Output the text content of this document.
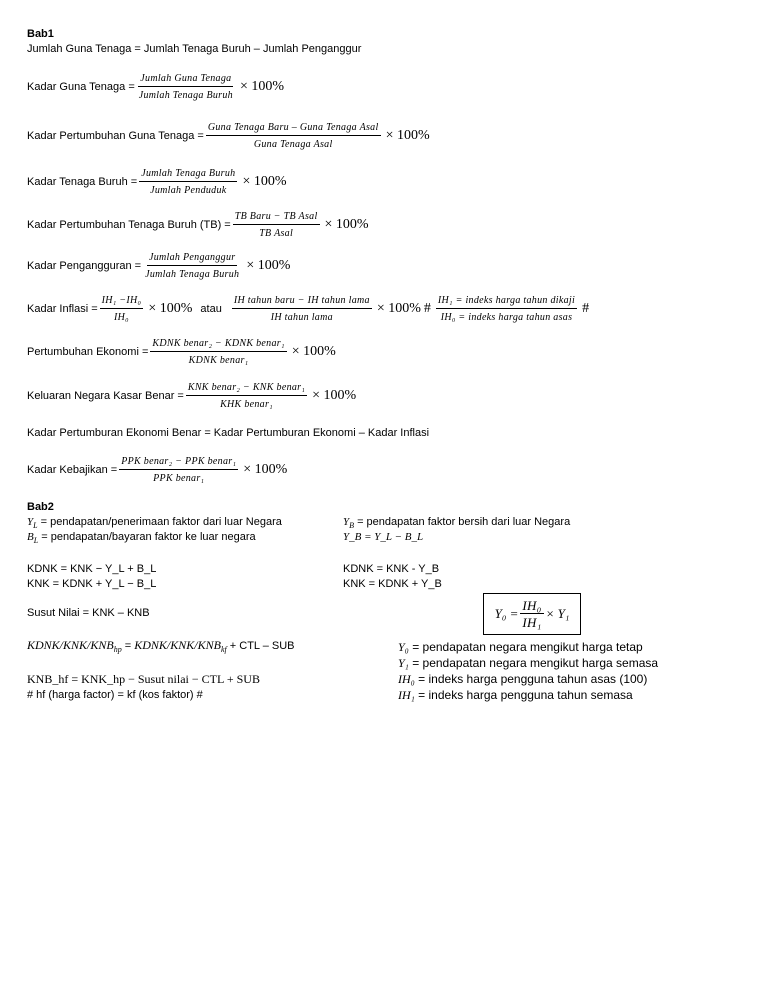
Bab1
Jumlah Guna Tenaga = Jumlah Tenaga Buruh – Jumlah Penganggur
Kadar Guna Tenaga = $\frac{\text{Jumlah Guna Tenaga}}{\text{Jumlah Tenaga Buruh}} \times 100\%$
Kadar Pertumbuhan Guna Tenaga = $\frac{\text{Guna Tenaga Baru – Guna Tenaga Asal}}{\text{Guna Tenaga Asal}} \times 100\%$
Kadar Tenaga Buruh = $\frac{\text{Jumlah Tenaga Buruh}}{\text{Jumlah Penduduk}} \times 100\%$
Kadar Pertumbuhan Tenaga Buruh $(TB) = \frac{\text{TB Baru − TB Asal}}{\text{TB Asal}} \times 100\%$
Kadar Pengangguran = $\frac{\text{Jumlah Penganggur}}{\text{Jumlah Tenaga Buruh}} \times 100\%$
Kadar Inflasi = $\frac{\text{IH₁ −IH₀}}{\text{IH₀}} \times 100\%$ atau $\frac{\text{IH tahun baru − IH tahun lama}}{\text{IH tahun lama}} \times 100\%$ # $\frac{\text{IH₁ = indeks harga tahun dikaji}}{\text{IH₀ = indeks harga tahun asas}}$ #
Pertumbuhan Ekonomi = $\frac{\text{KDNK benar₂ − KDNK benar₁}}{\text{KDNK benar₁}} \times 100\%$
Keluaran Negara Kasar Benar = $\frac{\text{KNK benar₂ − KNK benar₁}}{\text{KHK benar₁}} \times 100\%$
Kadar Pertumburan Ekonomi Benar = Kadar Pertumburan Ekonomi – Kadar Inflasi
Kadar Kebajikan = $\frac{\text{PPK benar₂ − PPK benar₁}}{\text{PPK benar₁}} \times 100\%$
Bab2
$Y_L$ = pendapatan/penerimaan faktor dari luar Negara
$B_L$ = pendapatan/bayaran faktor ke luar negara
$Y_B$ = pendapatan faktor bersih dari luar Negara
Y_B = Y_L − B_L
KDNK = KNK − Y_L + B_L
KNK = KDNK + Y_L − B_L
KDNK = KNK - Y_B
KNK = KDNK + Y_B
Susut Nilai = KNK – KNB	$Y_0 = \frac{\text{IH₀}}{\text{IH₁}} \times Y_1$
KDNK/$KNK/KNB_{hp}$ = KDNK/$KNK/KNB_{kf}$ + CTL – SUB
KNB_hf = KNK_hp − Susut nilai − CTL + SUB
# hf (harga factor) = kf (kos faktor) #
Y₀ = pendapatan negara mengikut harga tetap
Y₁ = pendapatan negara mengikut harga semasa
IH₀ = indeks harga pengguna tahun asas (100)
IH₁ = indeks harga pengguna tahun semasa
